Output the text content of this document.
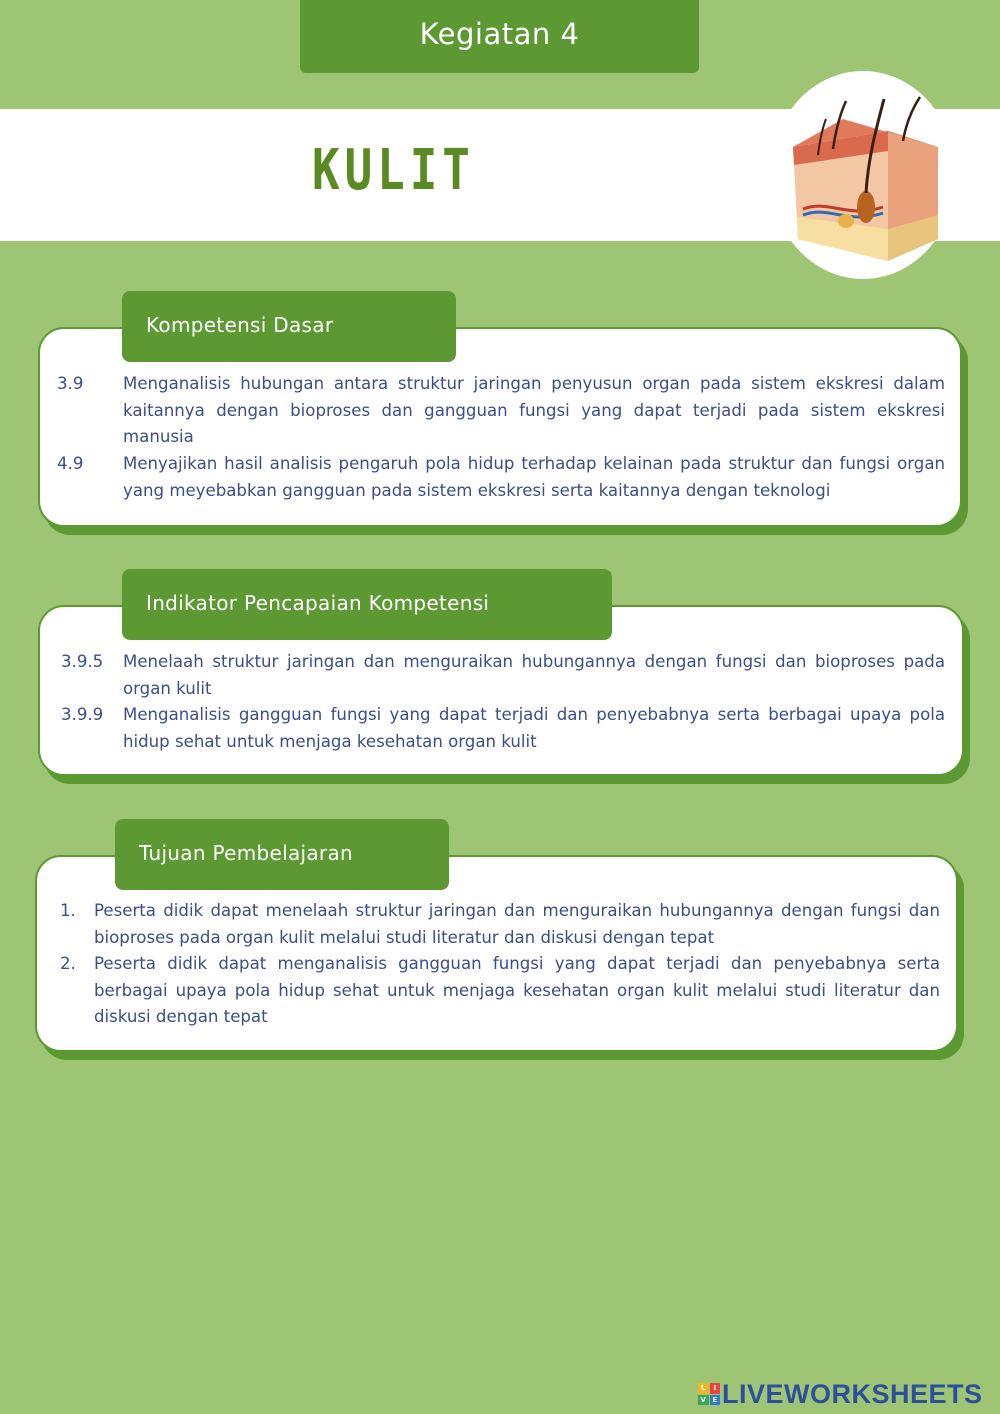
Kegiatan 4
KULIT
Kompetensi Dasar
3.9 Menganalisis hubungan antara struktur jaringan penyusun organ pada sistem ekskresi dalam kaitannya dengan bioproses dan gangguan fungsi yang dapat terjadi pada sistem ekskresi manusia
4.9 Menyajikan hasil analisis pengaruh pola hidup terhadap kelainan pada struktur dan fungsi organ yang meyebabkan gangguan pada sistem ekskresi serta kaitannya dengan teknologi
Indikator Pencapaian Kompetensi
3.9.5 Menelaah struktur jaringan dan menguraikan hubungannya dengan fungsi dan bioproses pada organ kulit
3.9.9 Menganalisis gangguan fungsi yang dapat terjadi dan penyebabnya serta berbagai upaya pola hidup sehat untuk menjaga kesehatan organ kulit
Tujuan Pembelajaran
1. Peserta didik dapat menelaah struktur jaringan dan menguraikan hubungannya dengan fungsi dan bioproses pada organ kulit melalui studi literatur dan diskusi dengan tepat
2. Peserta didik dapat menganalisis gangguan fungsi yang dapat terjadi dan penyebabnya serta berbagai upaya pola hidup sehat untuk menjaga kesehatan organ kulit melalui studi literatur dan diskusi dengan tepat
L	I
V E LIVEWORKSHEETS
